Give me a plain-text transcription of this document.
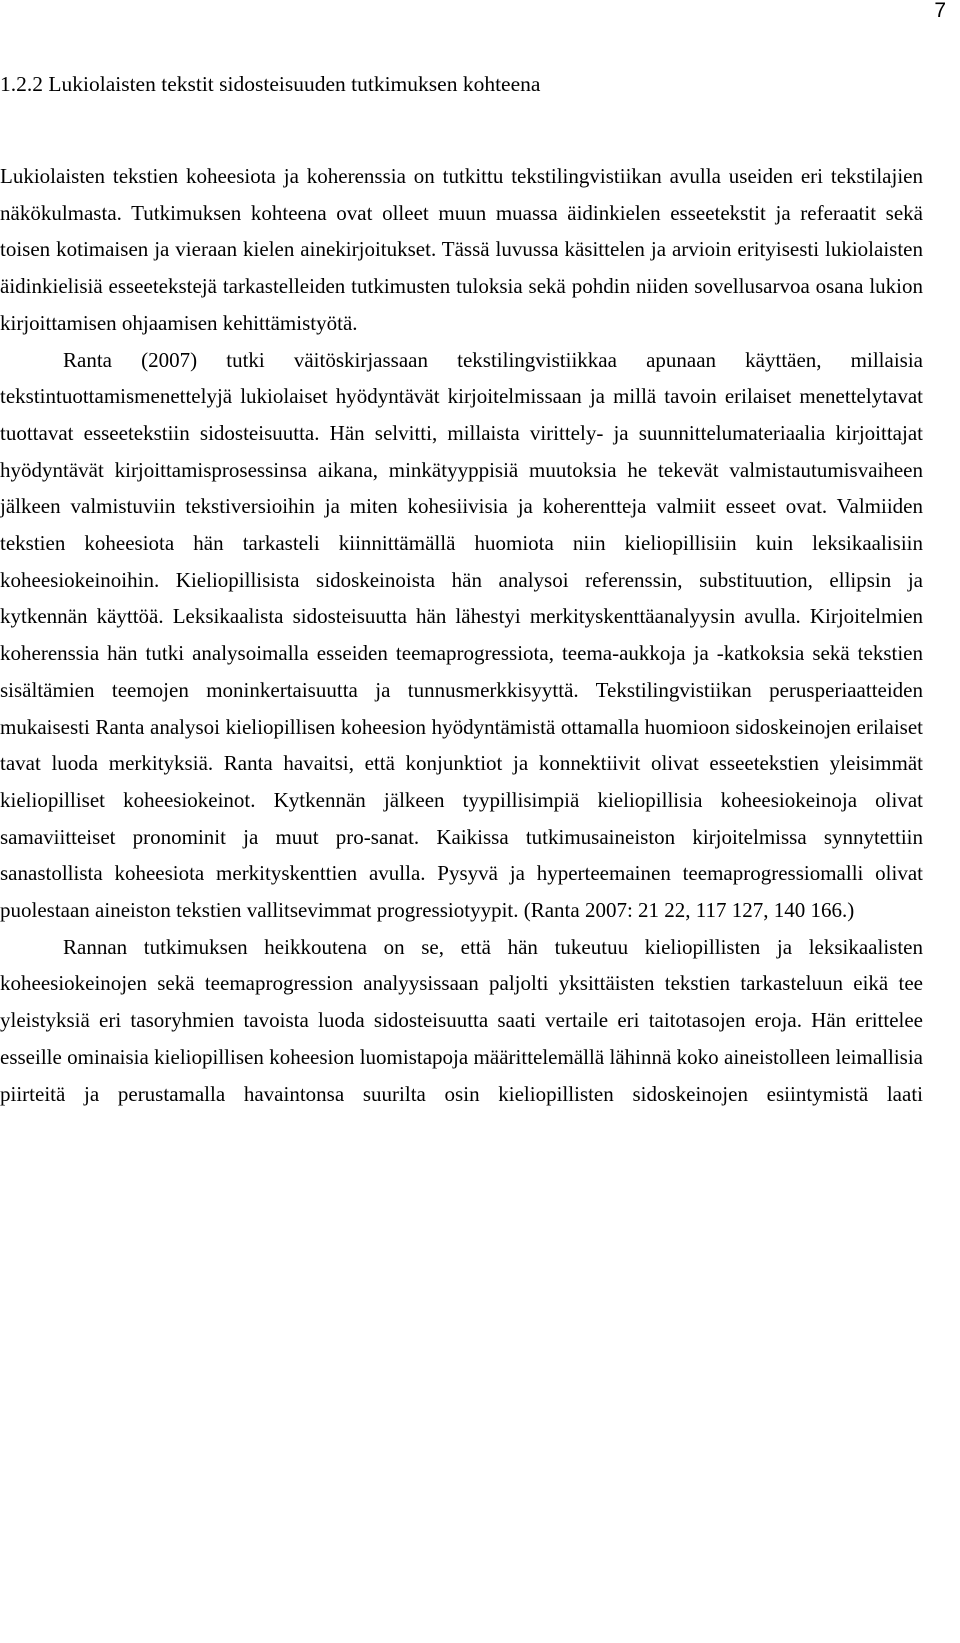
7
1.2.2 Lukiolaisten tekstit sidosteisuuden tutkimuksen kohteena

Lukiolaisten tekstien koheesiota ja koherenssia on tutkittu tekstilingvistiikan avulla useiden eri tekstilajien näkökulmasta. Tutkimuksen kohteena ovat olleet muun muassa äidinkielen esseetekstit ja referaatit sekä toisen kotimaisen ja vieraan kielen ainekirjoitukset. Tässä luvussa käsittelen ja arvioin erityisesti lukiolaisten äidinkielisiä esseetekstejä tarkastelleiden tutkimusten tuloksia sekä pohdin niiden sovellusarvoa osana lukion kirjoittamisen ohjaamisen kehittämistyötä.

Ranta (2007) tutki väitöskirjassaan tekstilingvistiikkaa apunaan käyttäen, millaisia tekstintuottamismenettelyjä lukiolaiset hyödyntävät kirjoitelmissaan ja millä tavoin erilaiset menettelytavat tuottavat esseetekstiin sidosteisuutta. Hän selvitti, millaista virittely- ja suunnittelumateriaalia kirjoittajat hyödyntävät kirjoittamisprosessinsa aikana, minkätyyppisiä muutoksia he tekevät valmistautumisvaiheen jälkeen valmistuviin tekstiversioihin ja miten kohesiivisia ja koherentteja valmiit esseet ovat. Valmiiden tekstien koheesiota hän tarkasteli kiinnittämällä huomiota niin kieliopillisiin kuin leksikaalisiin koheesiokeinoihin. Kieliopillisista sidoskeinoista hän analysoi referenssin, substituution, ellipsin ja kytkennän käyttöä. Leksikaalista sidosteisuutta hän lähestyi merkityskenttäanalyysin avulla. Kirjoitelmien koherenssia hän tutki analysoimalla esseiden teemaprogressiota, teema-aukkoja ja -katkoksia sekä tekstien sisältämien teemojen moninkertaisuutta ja tunnusmerkkisyyttä. Tekstilingvistiikan perusperiaatteiden mukaisesti Ranta analysoi kieliopillisen koheesion hyödyntämistä ottamalla huomioon sidoskeinojen erilaiset tavat luoda merkityksiä. Ranta havaitsi, että konjunktiot ja konnektiivit olivat esseetekstien yleisimmät kieliopilliset koheesiokeinot. Kytkennän jälkeen tyypillisimpiä kieliopillisia koheesiokeinoja olivat samaviitteiset pronominit ja muut pro-sanat. Kaikissa tutkimusaineiston kirjoitelmissa synnytettiin sanastollista koheesiota merkityskenttien avulla. Pysyvä ja hyperteemainen teemaprogressiomalli olivat puolestaan aineiston tekstien vallitsevimmat progressiotyypit. (Ranta 2007: 21 22, 117 127, 140 166.)

Rannan tutkimuksen heikkoutena on se, että hän tukeutuu kieliopillisten ja leksikaalisten koheesiokeinojen sekä teemaprogression analyysissaan paljolti yksittäisten tekstien tarkasteluun eikä tee yleistyksiä eri tasoryhmien tavoista luoda sidosteisuutta saati vertaile eri taitotasojen eroja. Hän erittelee esseille ominaisia kieliopillisen koheesion luomistapoja määrittelemällä lähinnä koko aineistolleen leimallisia piirteitä ja perustamalla havaintonsa suurilta osin kieliopillisten sidoskeinojen esiintymistä laati
